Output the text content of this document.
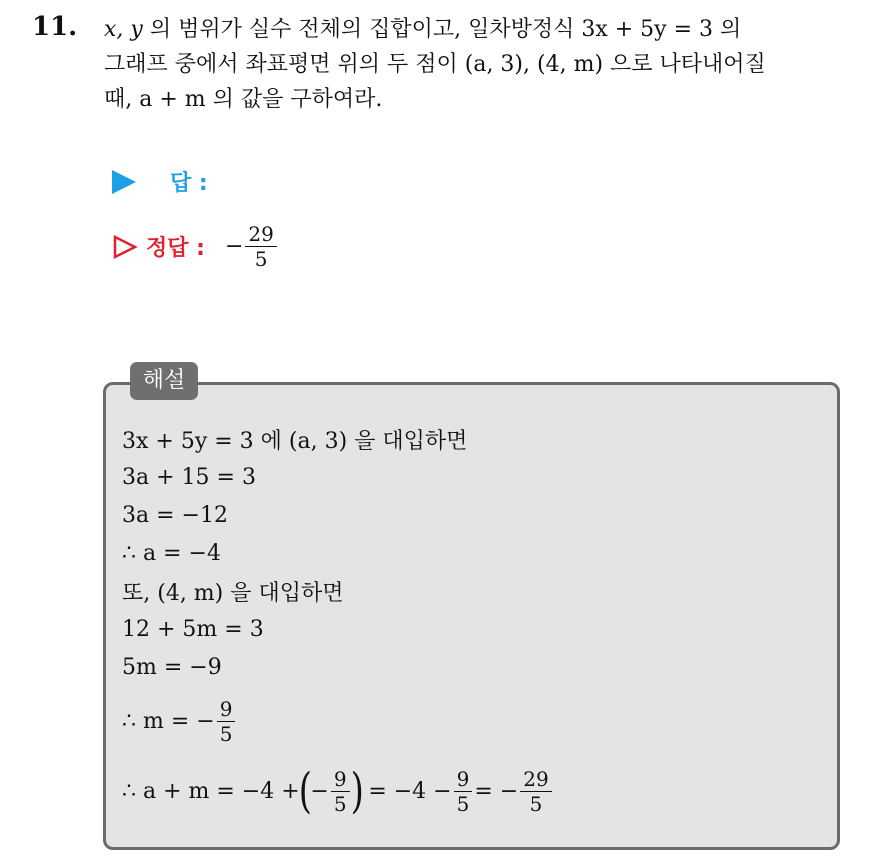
11. x, y 의 범위가 실수 전체의 집합이고, 일차방정식 3x + 5y = 3 의
그래프 중에서 좌표평면 위의 두 점이 (a, 3), (4, m) 으로 나타내어질
때, a + m 의 값을 구하여라.
답 :
정답 : − $\frac{29}{5}$
해설
3x + 5y = 3 에 (a, 3) 을 대입하면
3a + 15 = 3
3a = −12
∴ a = −4
또, (4, m) 을 대입하면
12 + 5m = 3
5m = −9
∴ m = − $\frac{9}{5}$
∴ a + m = −4 +
(
− $\frac{9}{5}$ ) = $-4 - \frac{9}{5}$ = − $\frac{29}{5}$
